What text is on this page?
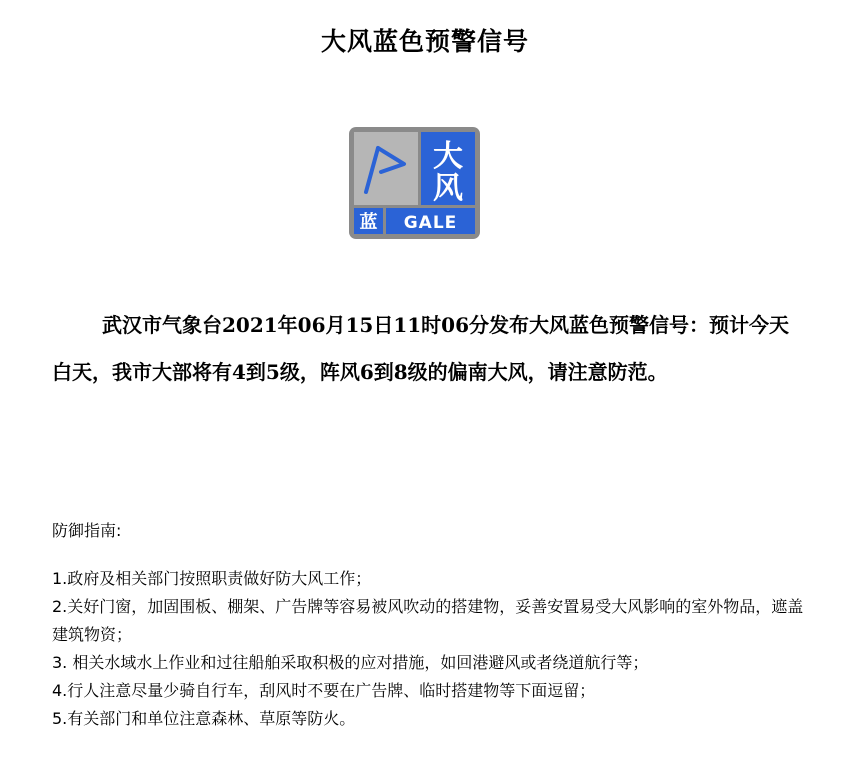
大风蓝色预警信号
大
风
蓝 GALE

武汉市气象台2021年06月15日11时06分发布大风蓝色预警信号：预计今天白天，我市大部将有4到5级，阵风6到8级的偏南大风，请注意防范。

防御指南:

1.政府及相关部门按照职责做好防大风工作；
2.关好门窗，加固围板、棚架、广告牌等容易被风吹动的搭建物，妥善安置易受大风影响的室外物品，遮盖建筑物资；
3. 相关水域水上作业和过往船舶采取积极的应对措施，如回港避风或者绕道航行等；
4.行人注意尽量少骑自行车，刮风时不要在广告牌、临时搭建物等下面逗留；
5.有关部门和单位注意森林、草原等防火。
